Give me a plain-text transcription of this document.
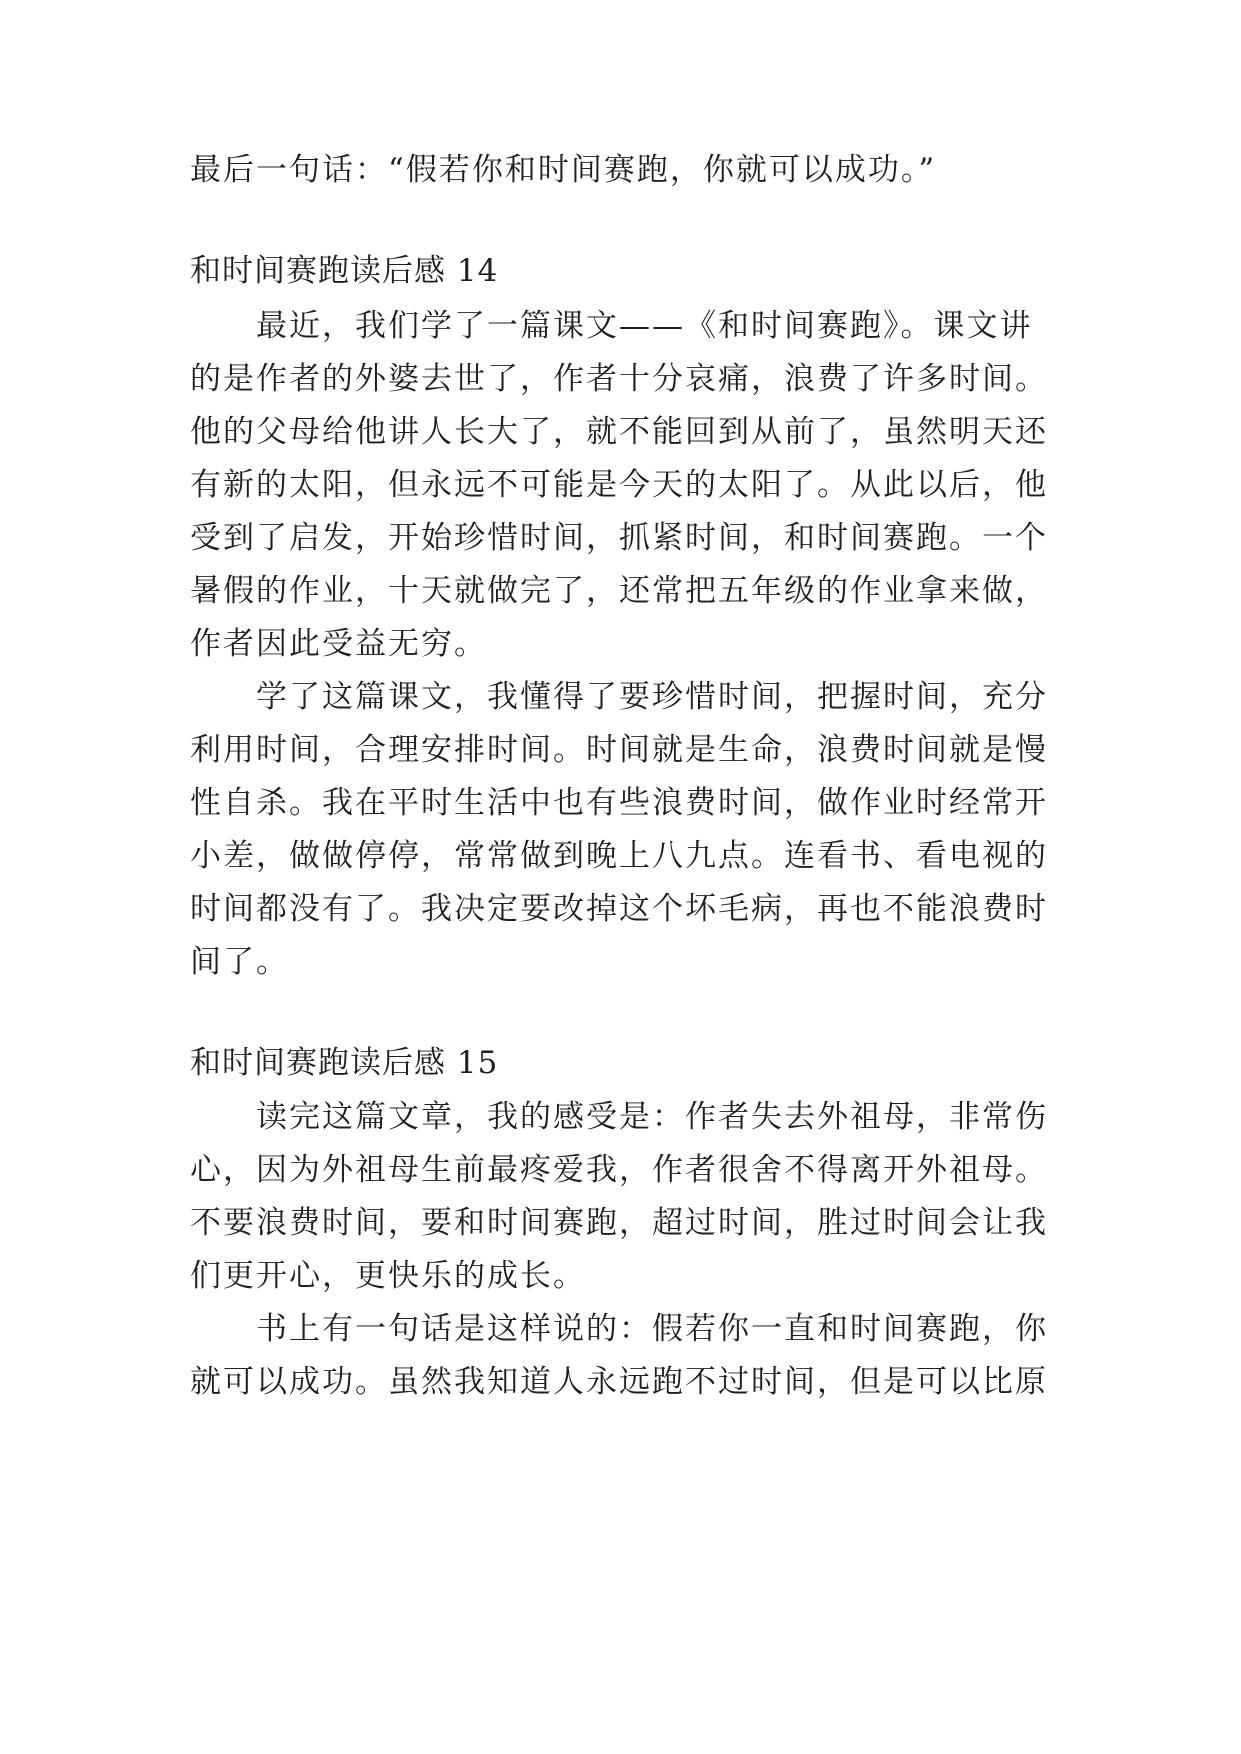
最后一句话：“假若你和时间赛跑，你就可以成功。”
和时间赛跑读后感 14
　　最近，我们学了一篇课文——《和时间赛跑》。课文讲
的是作者的外婆去世了，作者十分哀痛，浪费了许多时间。
他的父母给他讲人长大了，就不能回到从前了，虽然明天还
有新的太阳，但永远不可能是今天的太阳了。从此以后，他
受到了启发，开始珍惜时间，抓紧时间，和时间赛跑。一个
暑假的作业，十天就做完了，还常把五年级的作业拿来做，
作者因此受益无穷。
　　学了这篇课文，我懂得了要珍惜时间，把握时间，充分
利用时间，合理安排时间。时间就是生命，浪费时间就是慢
性自杀。我在平时生活中也有些浪费时间，做作业时经常开
小差，做做停停，常常做到晚上八九点。连看书、看电视的
时间都没有了。我决定要改掉这个坏毛病，再也不能浪费时
间了。
和时间赛跑读后感 15
　　读完这篇文章，我的感受是：作者失去外祖母，非常伤
心，因为外祖母生前最疼爱我，作者很舍不得离开外祖母。
不要浪费时间，要和时间赛跑，超过时间，胜过时间会让我
们更开心，更快乐的成长。
　　书上有一句话是这样说的：假若你一直和时间赛跑，你
就可以成功。虽然我知道人永远跑不过时间，但是可以比原
